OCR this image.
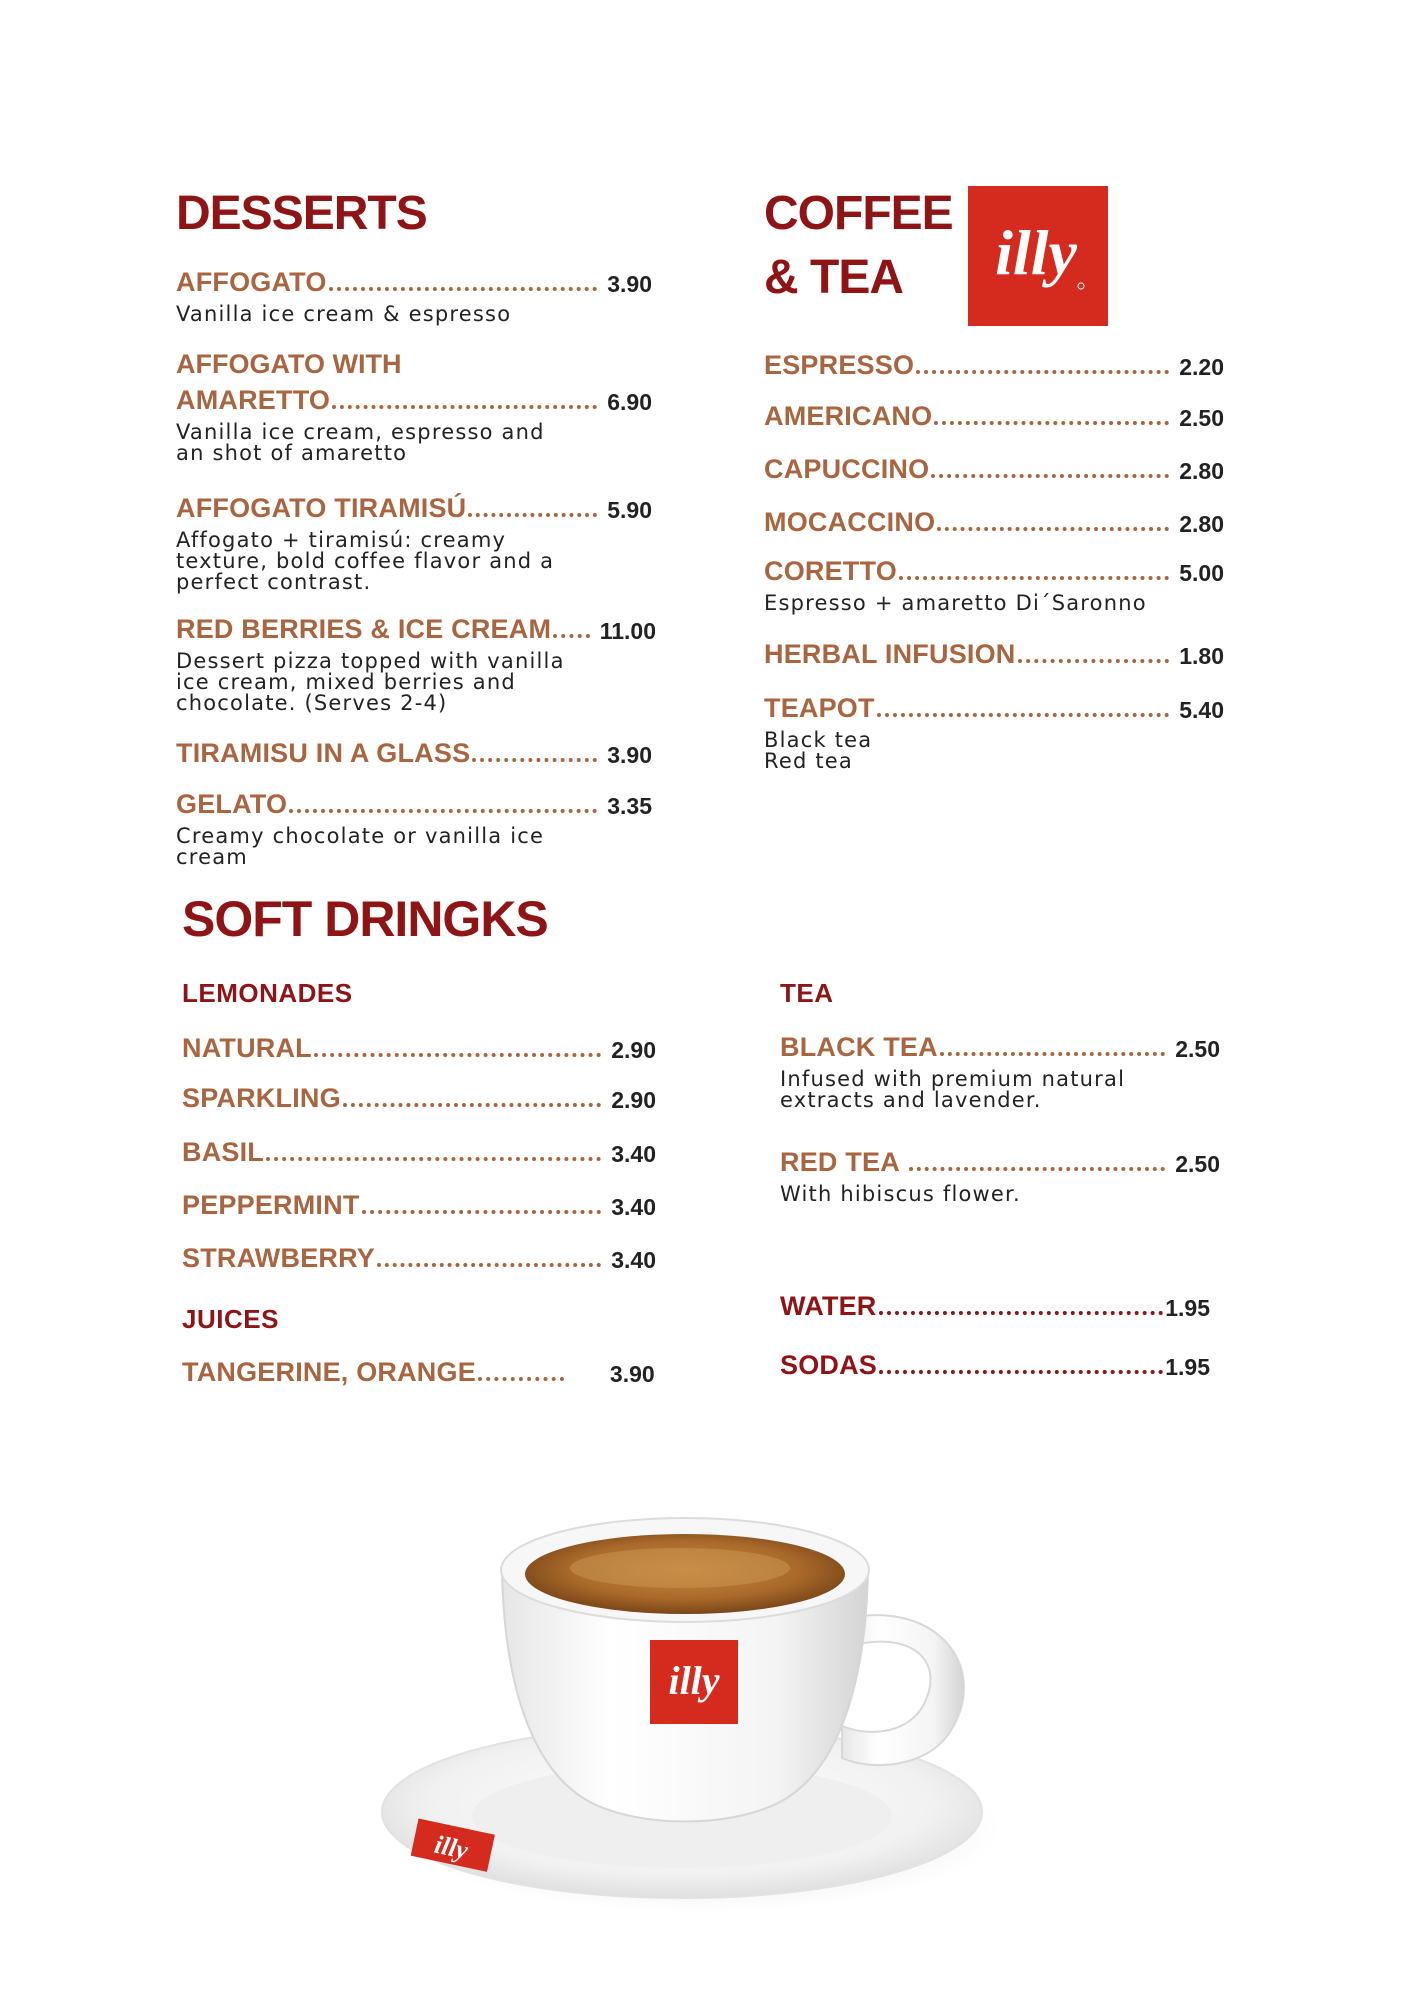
DESSERTS
AFFOGATO	3.90
Vanilla ice cream & espresso
AFFOGATO WITH
AMARETTO	6.90
Vanilla ice cream, espresso and
an shot of amaretto
AFFOGATO TIRAMISÚ	5.90
Affogato + tiramisú: creamy
texture, bold coffee flavor and a
perfect contrast.
RED BERRIES & ICE CREAM 11.00
Dessert pizza topped with vanilla
ice cream, mixed berries and
chocolate. (Serves 2-4)
TIRAMISU IN A GLASS	3.90
GELATO	3.35
Creamy chocolate or vanilla ice
cream
COFFEE
& TEA illy
ESPRESSO	2.20
AMERICANO	2.50
CAPUCCINO	2.80
MOCACCINO	2.80
CORETTO	5.00
Espresso + amaretto Di´Saronno
HERBAL INFUSION	1.80
TEAPOT	5.40
Black tea
Red tea
SOFT DRINGKS
LEMONADES
NATURAL	2.90
SPARKLING	2.90
BASIL	3.40
PEPPERMINT	3.40
STRAWBERRY	3.40
JUICES
TANGERINE, ORANGE	3.90
TEA
BLACK TEA	2.50
Infused with premium natural
extracts and lavender.
RED TEA	2.50
With hibiscus flower.
WATER	1.95
SODAS	1.95
illy
illy
